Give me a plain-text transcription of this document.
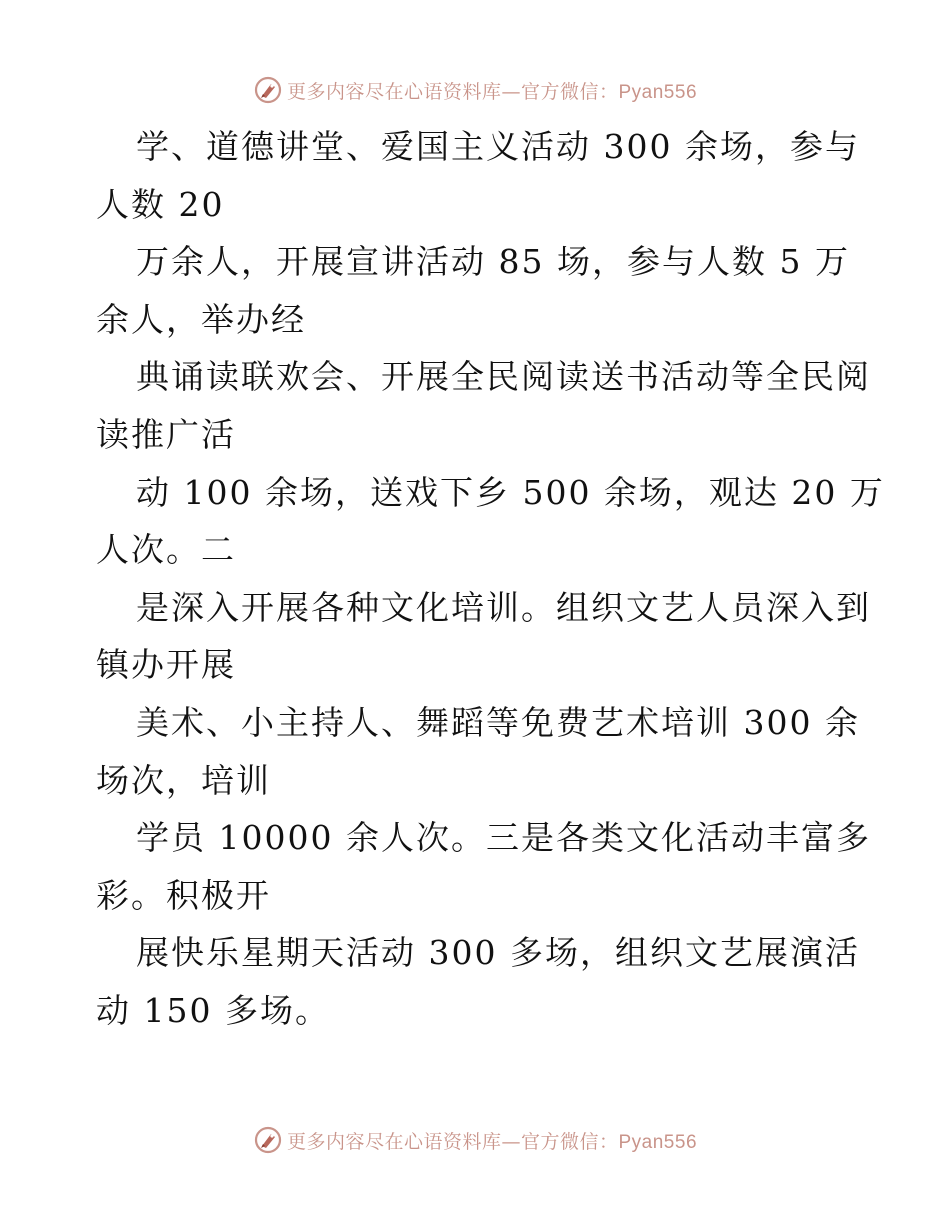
更多内容尽在心语资料库—官方微信：Pyan556
学、道德讲堂、爱国主义活动 300 余场，参与
人数 20
万余人，开展宣讲活动 85 场，参与人数 5 万
余人，举办经
典诵读联欢会、开展全民阅读送书活动等全民阅
读推广活
动 100 余场，送戏下乡 500 余场，观达 20 万
人次。二
是深入开展各种文化培训。组织文艺人员深入到
镇办开展
美术、小主持人、舞蹈等免费艺术培训 300 余
场次，培训
学员 10000 余人次。三是各类文化活动丰富多
彩。积极开
展快乐星期天活动 300 多场，组织文艺展演活
动 150 多场。
更多内容尽在心语资料库—官方微信：Pyan556
